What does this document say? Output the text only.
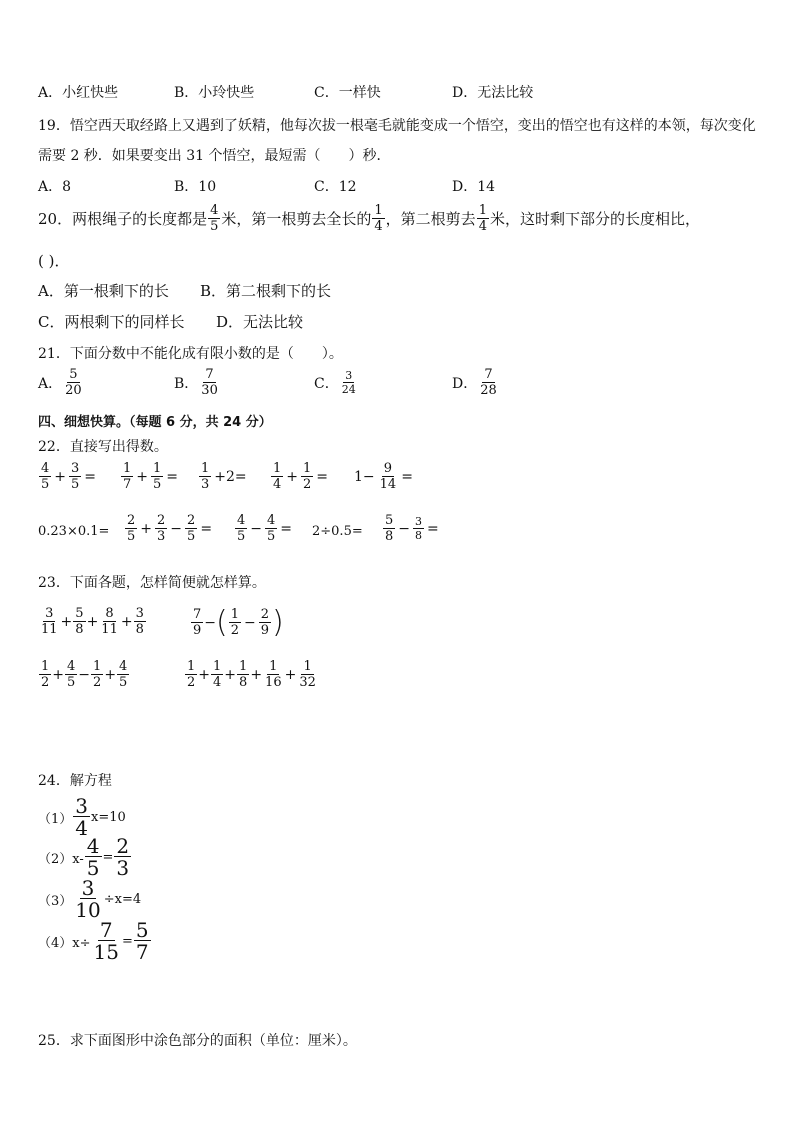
A．小红快些	B．小玲快些	C．一样快	D．无法比较
19．悟空西天取经路上又遇到了妖精，他每次拔一根毫毛就能变成一个悟空，变出的悟空也有这样的本领，每次变化
需要 2 秒．如果要变出 31 个悟空，最短需（　　）秒．
A．8	B．10	C．12	D．14
20．两根绳子的长度都是 $\frac{4}{5}$ 米，第一根剪去全长的 $\frac{1}{4}$ ，第二根剪去 $\frac{1}{4}$ 米，这时剩下部分的长度相比，
( )．
A．第一根剩下的长 B．第二根剩下的长
C．两根剩下的同样长 D．无法比较
21．下面分数中不能化成有限小数的是（　　）。
A． $\frac{5}{20}$	B． $\frac{7}{30}$	C． $\frac{3}{24}$	D． $\frac{7}{28}$
四、细想快算。（每题 6 分，共 24 分）
22．直接写出得数。
$\frac{4}{5} + \frac{3}{5} = \frac{1}{7} + \frac{1}{5} = \frac{1}{3} +2= \frac{1}{4} + \frac{1}{2} = 1- \frac{9}{14}$ =
$0.23\times 0.1= \frac{2}{5} + \frac{2}{3} - \frac{2}{5} = \frac{4}{5} - \frac{4}{5} = 2\div 0.5= \frac{5}{8} - \frac{3}{8}$ =
23．下面各题，怎样简便就怎样算。
$\frac{3}{11} + \frac{5}{8} + \frac{8}{11} + \frac{3}{8}$	$\frac{7}{9}$ − ( $\frac{1}{2} - \frac{2}{9}$ )
$\frac{1}{2} + \frac{4}{5} - \frac{1}{2} + \frac{4}{5}$	$\frac{1}{2} + \frac{1}{4} + \frac{1}{8} + \frac{1}{16} + \frac{1}{32}$
24．解方程
$(1) \frac{3}{4} x=10$
$(2)x- \frac{4}{5} = \frac{2}{3}$
$(3) \frac{3}{10} \div x=4$
$(4)x\div \frac{7}{15} = \frac{5}{7}$
25．求下面图形中涂色部分的面积（单位：厘米）。
